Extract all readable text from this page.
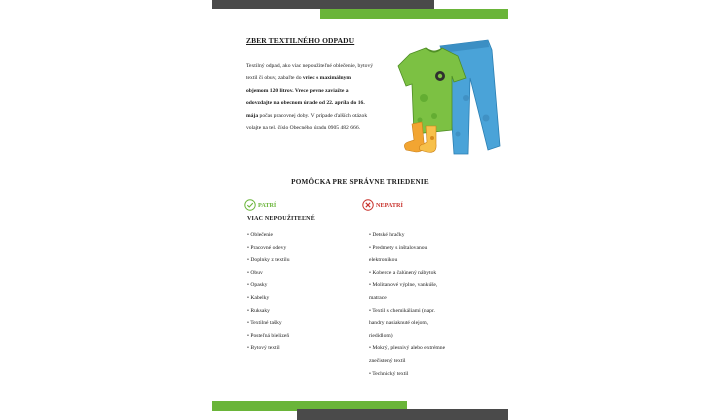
ZBER TEXTILNÉHO ODPADU
Textilný odpad, ako viac nepoužiteľné oblečenie, bytový textil či obuv, zabaľte do vriec s maximálnym objemom 120 litrov. Vrece pevne zaviažte a odovzdajte na obecnom úrade od 22. apríla do 16. mája počas pracovnej doby. V prípade ďalších otázok volajte na tel. číslo Obecného úradu 0905 482 666.
POMÔCKA PRE SPRÁVNE TRIEDENIE
PATRÍ	NEPATRÍ
VIAC NEPOUŽITEĽNÉ
• Oblečenie
• Pracovné odevy
• Doplnky z textilu
• Obuv
• Opasky
• Kabelky
• Ruksaky
• Textilné tašky
• Posteľná bielizeň
• Bytový textil
• Detské hračky
• Predmety s inštalovanou
elektronikou
• Koberce a čalúnený nábytok
• Molitanové výplne, vankúše,
matrace
• Textil s chemikáliami (napr.
handry nasiaknuté olejom,
riedidlom)
• Mokrý, plesnivý alebo extrémne
znečistený textil
• Technický textil
